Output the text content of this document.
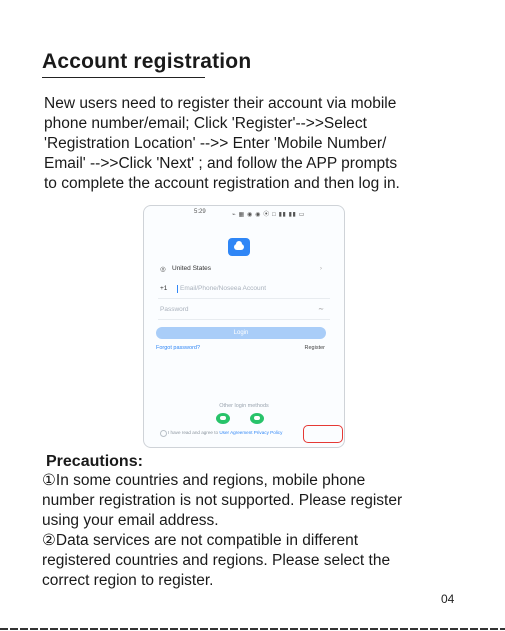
Account registration
New users need to register their account via mobile
phone number/email; Click 'Register'-->>Select
'Registration Location' -->> Enter 'Mobile Number/
Email' -->>Click 'Next' ; and follow the APP prompts
to complete the account registration and then log in.
5:29	⌁ ▦ ◉ ◉ ⦿ □ ▮▮ ▮▮ ▭
◎ United States	›
+1 Email/Phone/Noseea Account
Password	∼
Login
Forgot password?	Register
Other login methods
I have read and agree to User Agreement Privacy Policy
Precautions:
①In some countries and regions, mobile phone
number registration is not supported. Please register
using your email address.
②Data services are not compatible in different
registered countries and regions. Please select the
correct region to register.
04
